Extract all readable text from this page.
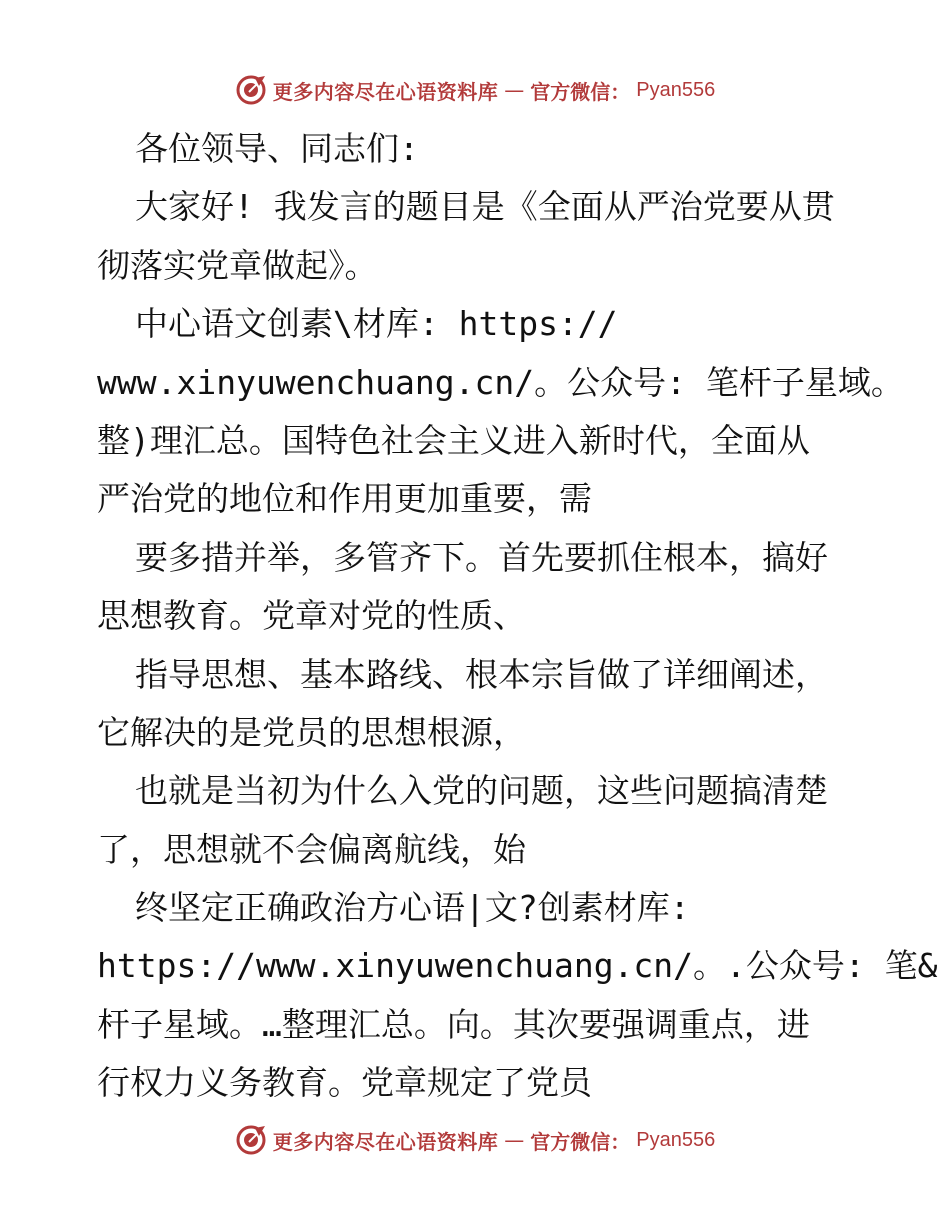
更多内容尽在心语资料库 — 官方微信： Pyan556
各位领导、同志们:
大家好! 我发言的题目是《全面从严治党要从贯
彻落实党章做起》。
中心语文创素\材库: https://
www.xinyuwenchuang.cn/。公众号: 笔杆子星域。
整)理汇总。国特色社会主义进入新时代，全面从
严治党的地位和作用更加重要，需
要多措并举，多管齐下。首先要抓住根本，搞好
思想教育。党章对党的性质、
指导思想、基本路线、根本宗旨做了详细阐述，
它解决的是党员的思想根源，
也就是当初为什么入党的问题，这些问题搞清楚
了，思想就不会偏离航线，始
终坚定正确政治方心语|文?创素材库:
https://www.xinyuwenchuang.cn/。.公众号: 笔&
杆子星域。…整理汇总。向。其次要强调重点，进
行权力义务教育。党章规定了党员
更多内容尽在心语资料库 — 官方微信： Pyan556
